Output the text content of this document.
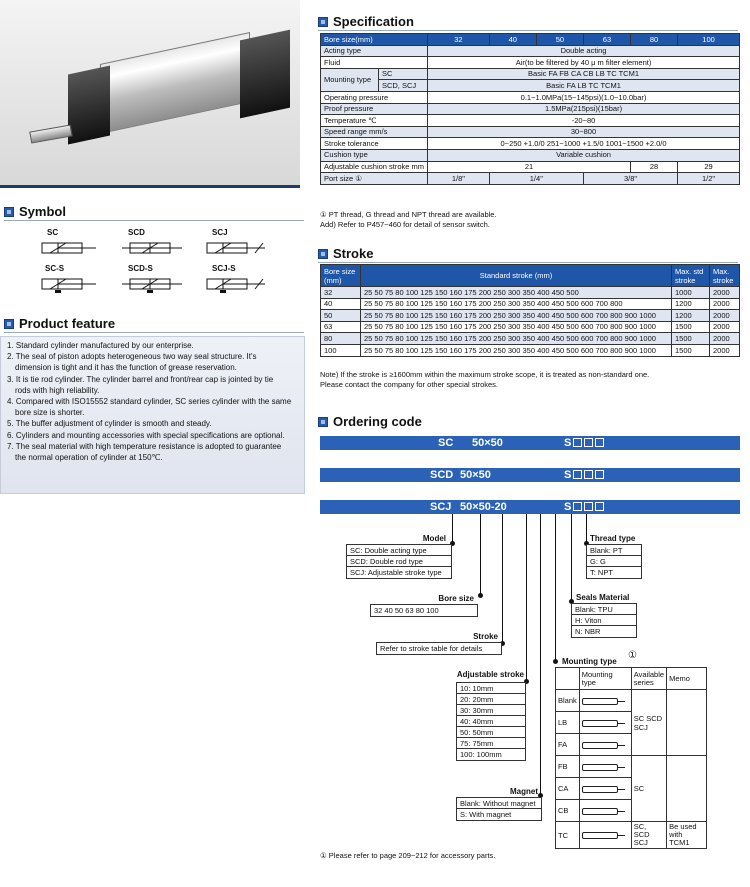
Specification
Bore size(mm)		32	40	50	63	80	100
Acting type		Double acting					
Fluid		Air(to be filtered by 40 μ m filter element)					
Mounting type	SC	Basic FA FB CA CB LB TC TCM1					
	SCD, SCJ	Basic FA LB TC TCM1					
Operating pressure		0.1~1.0MPa(15~145psi)(1.0~10.0bar)					
Proof pressure		1.5MPa(215psi)(15bar)					
Temperature ℃		-20~80					
Speed range mm/s		30~800					
Stroke tolerance		0~250 +1.0/0 251~1000 +1.5/0 1001~1500 +2.0/0					
Cushion type		Variable cushion					
Adjustable cushion stroke mm		21				28	29
Port size ①		1/8"	1/4"		3/8"		1/2"
① PT thread, G thread and NPT thread are available.
Add) Refer to P457~460 for detail of sensor switch.
Symbol
SC	SCD	SCJ
SC-S	SCD-S	SCJ-S
Product feature
1. Standard cylinder manufactured by our enterprise.
2. The seal of piston adopts heterogeneous two way seal structure. It's
dimension is tight and it has the function of grease reservation.
3. It is tie rod cylinder. The cylinder barrel and front/rear cap is jointed by tie
rods with high reliability.
4. Compared with ISO15552 standard cylinder, SC series cylinder with the same
bore size is shorter.
5. The buffer adjustment of cylinder is smooth and steady.
6. Cylinders and mounting accessories with special specifications are optional.
7. The seal material with high temperature resistance is adopted to guarantee
the normal operation of cylinder at 150℃.
Stroke
Bore size (mm)	Standard stroke (mm)	Max. std stroke	Max. stroke
32	25 50 75 80 100 125 150 160 175 200 250 300 350 400 450 500	1000	2000
40	25 50 75 80 100 125 150 160 175 200 250 300 350 400 450 500 600 700 800	1200	2000
50	25 50 75 80 100 125 150 160 175 200 250 300 350 400 450 500 600 700 800 900 1000	1200	2000
63	25 50 75 80 100 125 150 160 175 200 250 300 350 400 450 500 600 700 800 900 1000	1500	2000
80	25 50 75 80 100 125 150 160 175 200 250 300 350 400 450 500 600 700 800 900 1000	1500	2000
100	25 50 75 80 100 125 150 160 175 200 250 300 350 400 450 500 600 700 800 900 1000	1500	2000
Note) If the stroke is ≥1600mm within the maximum stroke scope, it is treated as non-standard one.
Please contact the company for other special strokes.
Ordering code
SC 50×50	S
SCD 50×50	S
SCJ 50×50-20	S
Model
SC: Double acting type
SCD: Double rod type
SCJ: Adjustable stroke type
Bore size
32 40 50 63 80 100
Stroke
Refer to stroke table for details
Adjustable stroke
10: 10mm
20: 20mm
30: 30mm
40: 40mm
50: 50mm
75: 75mm
100: 100mm
Magnet
Blank: Without magnet
S: With magnet
Thread type
Blank: PT
G: G
T: NPT
Seals Material
Blank: TPU
H: Viton
N: NBR
Mounting type
①
	Mounting type	Available series	Memo
Blank		SC SCD SCJ	
LB			
FA			
FB		SC	
CA			
CB			
TC		SC, SCD SCJ	Be used with TCM1
① Please refer to page 209~212 for accessory parts.
